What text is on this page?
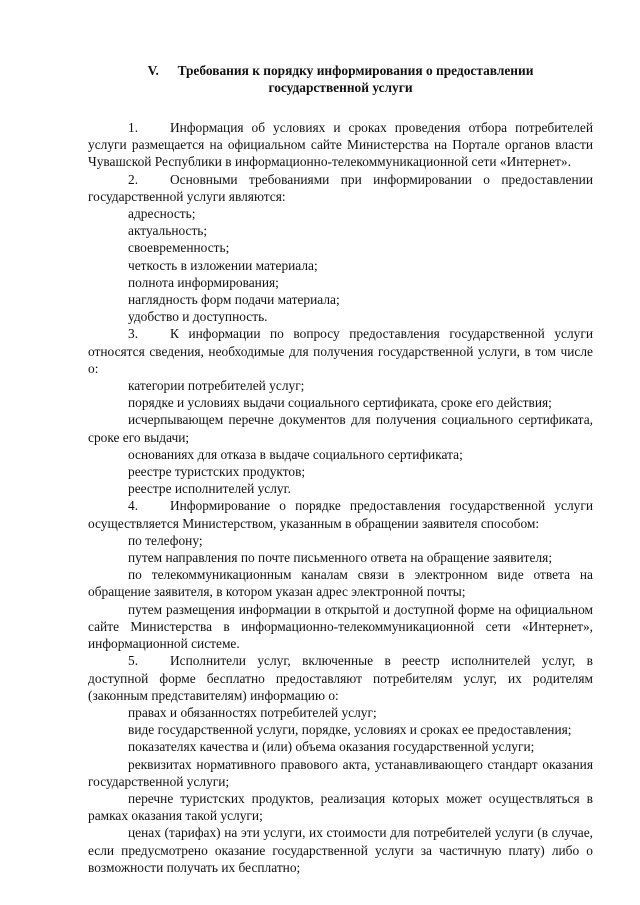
V. Требования к порядку информирования о предоставлении
государственной услуги

1. Информация об условиях и сроках проведения отбора потребителей услуги размещается на официальном сайте Министерства на Портале органов власти Чувашской Республики в информационно-телекоммуникационной сети «Интернет».

2. Основными требованиями при информировании о предоставлении государственной услуги являются:

адресность;

актуальность;

своевременность;

четкость в изложении материала;

полнота информирования;

наглядность форм подачи материала;

удобство и доступность.

3. К информации по вопросу предоставления государственной услуги относятся сведения, необходимые для получения государственной услуги, в том числе о:

категории потребителей услуг;

порядке и условиях выдачи социального сертификата, сроке его действия;

исчерпывающем перечне документов для получения социального сертификата, сроке его выдачи;

основаниях для отказа в выдаче социального сертификата;

реестре туристских продуктов;

реестре исполнителей услуг.

4. Информирование о порядке предоставления государственной услуги осуществляется Министерством, указанным в обращении заявителя способом:

по телефону;

путем направления по почте письменного ответа на обращение заявителя;

по телекоммуникационным каналам связи в электронном виде ответа на обращение заявителя, в котором указан адрес электронной почты;

путем размещения информации в открытой и доступной форме на официальном сайте Министерства в информационно-телекоммуникационной сети «Интернет», информационной системе.

5. Исполнители услуг, включенные в реестр исполнителей услуг, в доступной форме бесплатно предоставляют потребителям услуг, их родителям (законным представителям) информацию о:

правах и обязанностях потребителей услуг;

виде государственной услуги, порядке, условиях и сроках ее предоставления;

показателях качества и (или) объема оказания государственной услуги;

реквизитах нормативного правового акта, устанавливающего стандарт оказания государственной услуги;

перечне туристских продуктов, реализация которых может осуществляться в рамках оказания такой услуги;

ценах (тарифах) на эти услуги, их стоимости для потребителей услуги (в случае, если предусмотрено оказание государственной услуги за частичную плату) либо о возможности получать их бесплатно;
